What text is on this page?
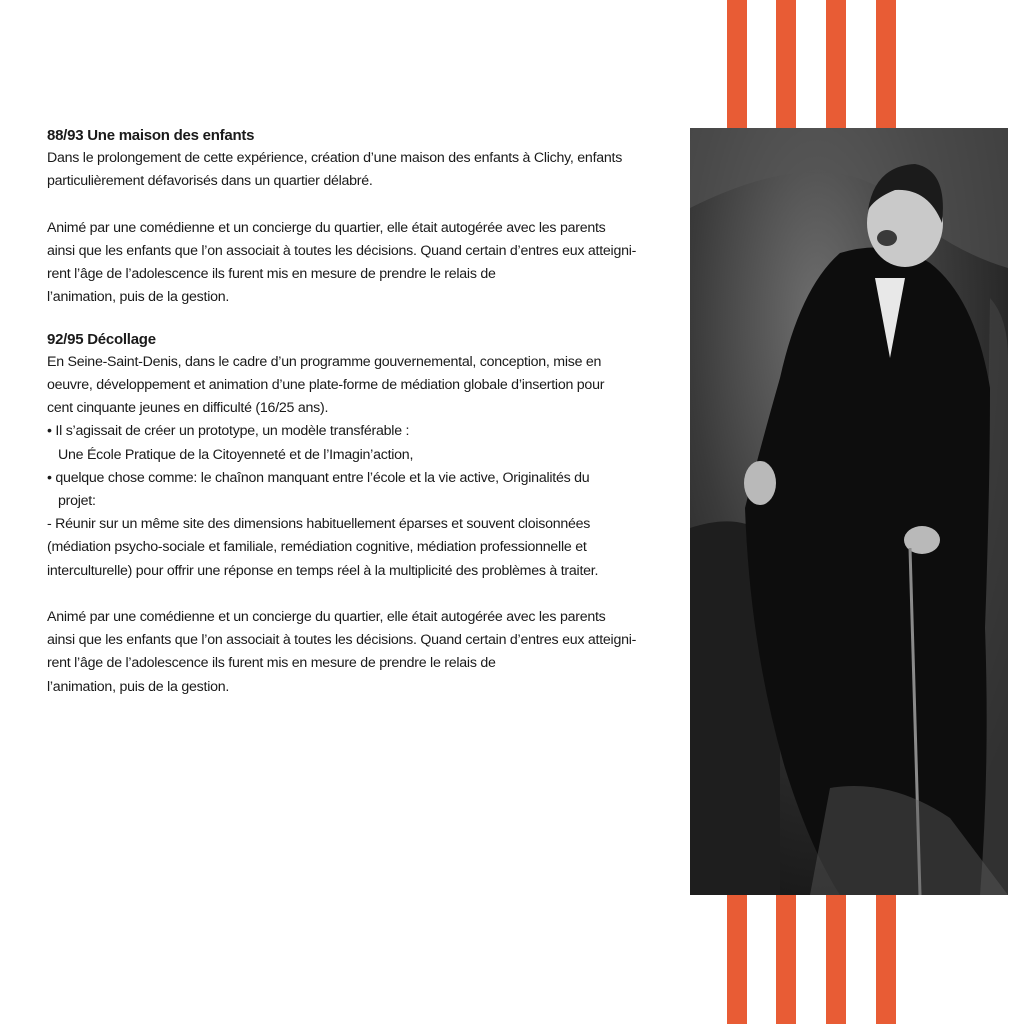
88/93 Une maison des enfants

Dans le prolongement de cette expérience, création d’une maison des enfants à Clichy, enfants

particulièrement défavorisés dans un quartier délabré.

Animé par une comédienne et un concierge du quartier, elle était autogérée avec les parents

ainsi que les enfants que l’on associait à toutes les décisions. Quand certain d’entres eux atteigni-

rent l’âge de l’adolescence ils furent mis en mesure de prendre le relais de

l’animation, puis de la gestion.

92/95 Décollage

En Seine-Saint-Denis, dans le cadre d’un programme gouvernemental, conception, mise en

oeuvre, développement et animation d’une plate-forme de médiation globale d’insertion pour

cent cinquante jeunes en difficulté (16/25 ans).

• Il s’agissait de créer un prototype, un modèle transférable :

Une École Pratique de la Citoyenneté et de l’Imagin’action,

• quelque chose comme: le chaînon manquant entre l’école et la vie active, Originalités du

projet:

- Réunir sur un même site des dimensions habituellement éparses et souvent cloisonnées

(médiation psycho-sociale et familiale, remédiation cognitive, médiation professionnelle et

interculturelle) pour offrir une réponse en temps réel à la multiplicité des problèmes à traiter.

Animé par une comédienne et un concierge du quartier, elle était autogérée avec les parents

ainsi que les enfants que l’on associait à toutes les décisions. Quand certain d’entres eux atteigni-

rent l’âge de l’adolescence ils furent mis en mesure de prendre le relais de

l’animation, puis de la gestion.
